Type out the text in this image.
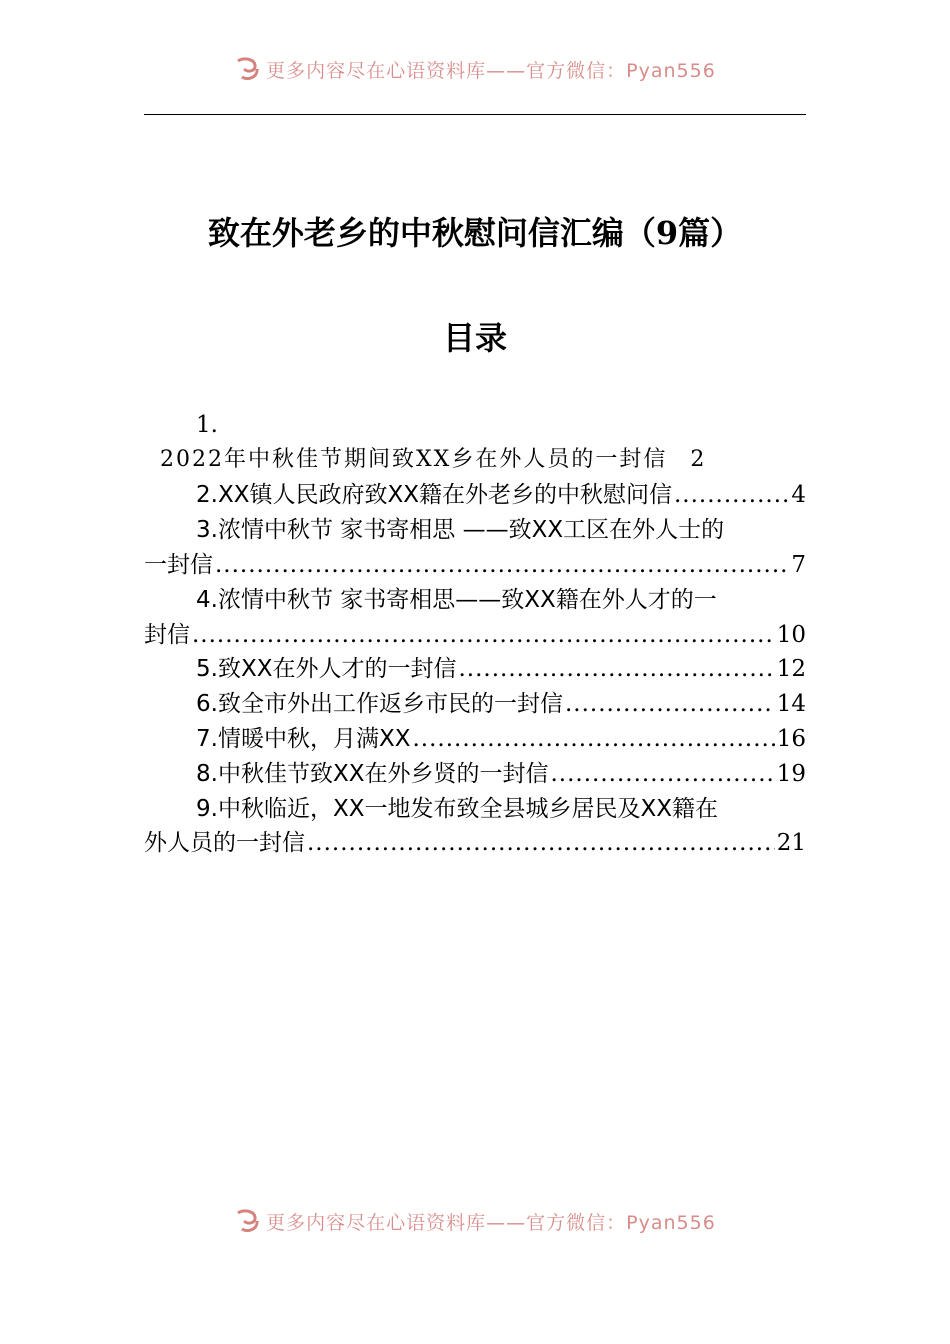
更多内容尽在心语资料库——官方微信：Pyan556
致在外老乡的中秋慰问信汇编（9篇）
目录
1.
2022年中秋佳节期间致XX乡在外人员的一封信 2
2.XX镇人民政府致XX籍在外老乡的中秋慰问信 .....	4
3.浓情中秋节 家书寄相思 ——致XX工区在外人士的
一封信 .....	7
4.浓情中秋节 家书寄相思——致XX籍在外人才的一
封信 .....	10
5.致XX在外人才的一封信 .....	12
6.致全市外出工作返乡市民的一封信 .....	14
7.情暖中秋，月满XX .....	16
8.中秋佳节致XX在外乡贤的一封信 .....	19
9.中秋临近，XX一地发布致全县城乡居民及XX籍在
外人员的一封信 .....	21
更多内容尽在心语资料库——官方微信：Pyan556
